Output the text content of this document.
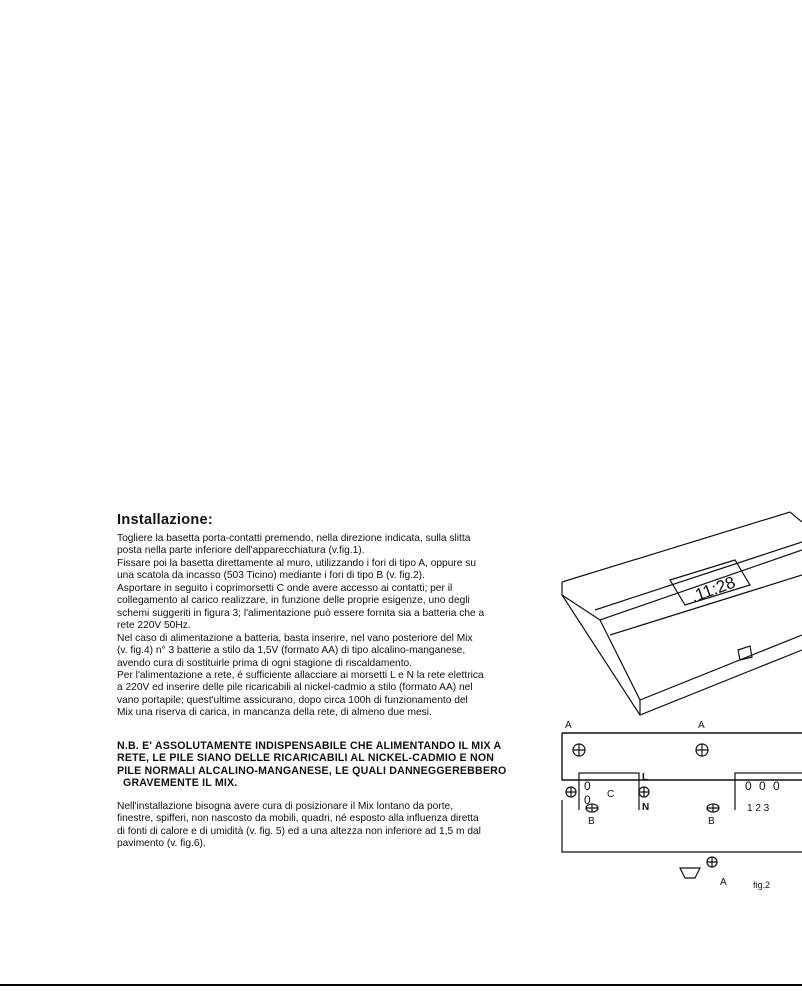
Installazione:
Togliere la basetta porta-contatti premendo, nella direzione indicata, sulla slitta
posta nella parte inferiore dell'apparecchiatura (v.fig.1).
Fissare poi la basetta direttamente al muro, utilizzando i fori di tipo A, oppure su
una scatola da incasso (503 Ticino) mediante i fori di tipo B (v. fig.2).
Asportare in seguito i coprimorsetti C onde avere accesso ai contatti; per il
collegamento al carico realizzare, in funzione delle proprie esigenze, uno degli
schemi suggeriti in figura 3; l'alimentazione può essere fornita sia a batteria che a
rete 220V 50Hz.
Nel caso di alimentazione a batteria, basta inserire, nel vano posteriore del Mix
(v. fig.4) n° 3 batterie a stilo da 1,5V (formato AA) di tipo alcalino-manganese,
avendo cura di sostituirle prima di ogni stagione di riscaldamento.
Per l'alimentazione a rete, é sufficiente allacciare ai morsetti L e N la rete elettrica
a 220V ed inserire delle pile ricaricabili al nickel-cadmio a stilo (formato AA) nel
vano portapile; quest'ultime assicurano, dopo circa 100h di funzionamento del
Mix una riserva di carica, in mancanza della rete, di almeno due mesi.
N.B. E' ASSOLUTAMENTE INDISPENSABILE CHE ALIMENTANDO IL MIX A
RETE, LE PILE SIANO DELLE RICARICABILI AL NICKEL-CADMIO E NON
PILE NORMALI ALCALINO-MANGANESE, LE QUALI DANNEGGEREBBERO
GRAVEMENTE IL MIX.
Nell'installazione bisogna avere cura di posizionare il Mix lontano da porte,
finestre, spifferi, non nascosto da mobili, quadri, né esposto alla influenza diretta
di fonti di calore e di umidità (v. fig. 5) ed a una altezza non inferiore ad 1,5 m dal
pavimento (v. fig.6).
.11:28
A	A
C
L
N
0
0
0 0 0
B	B
1 2 3
A	fig.2
